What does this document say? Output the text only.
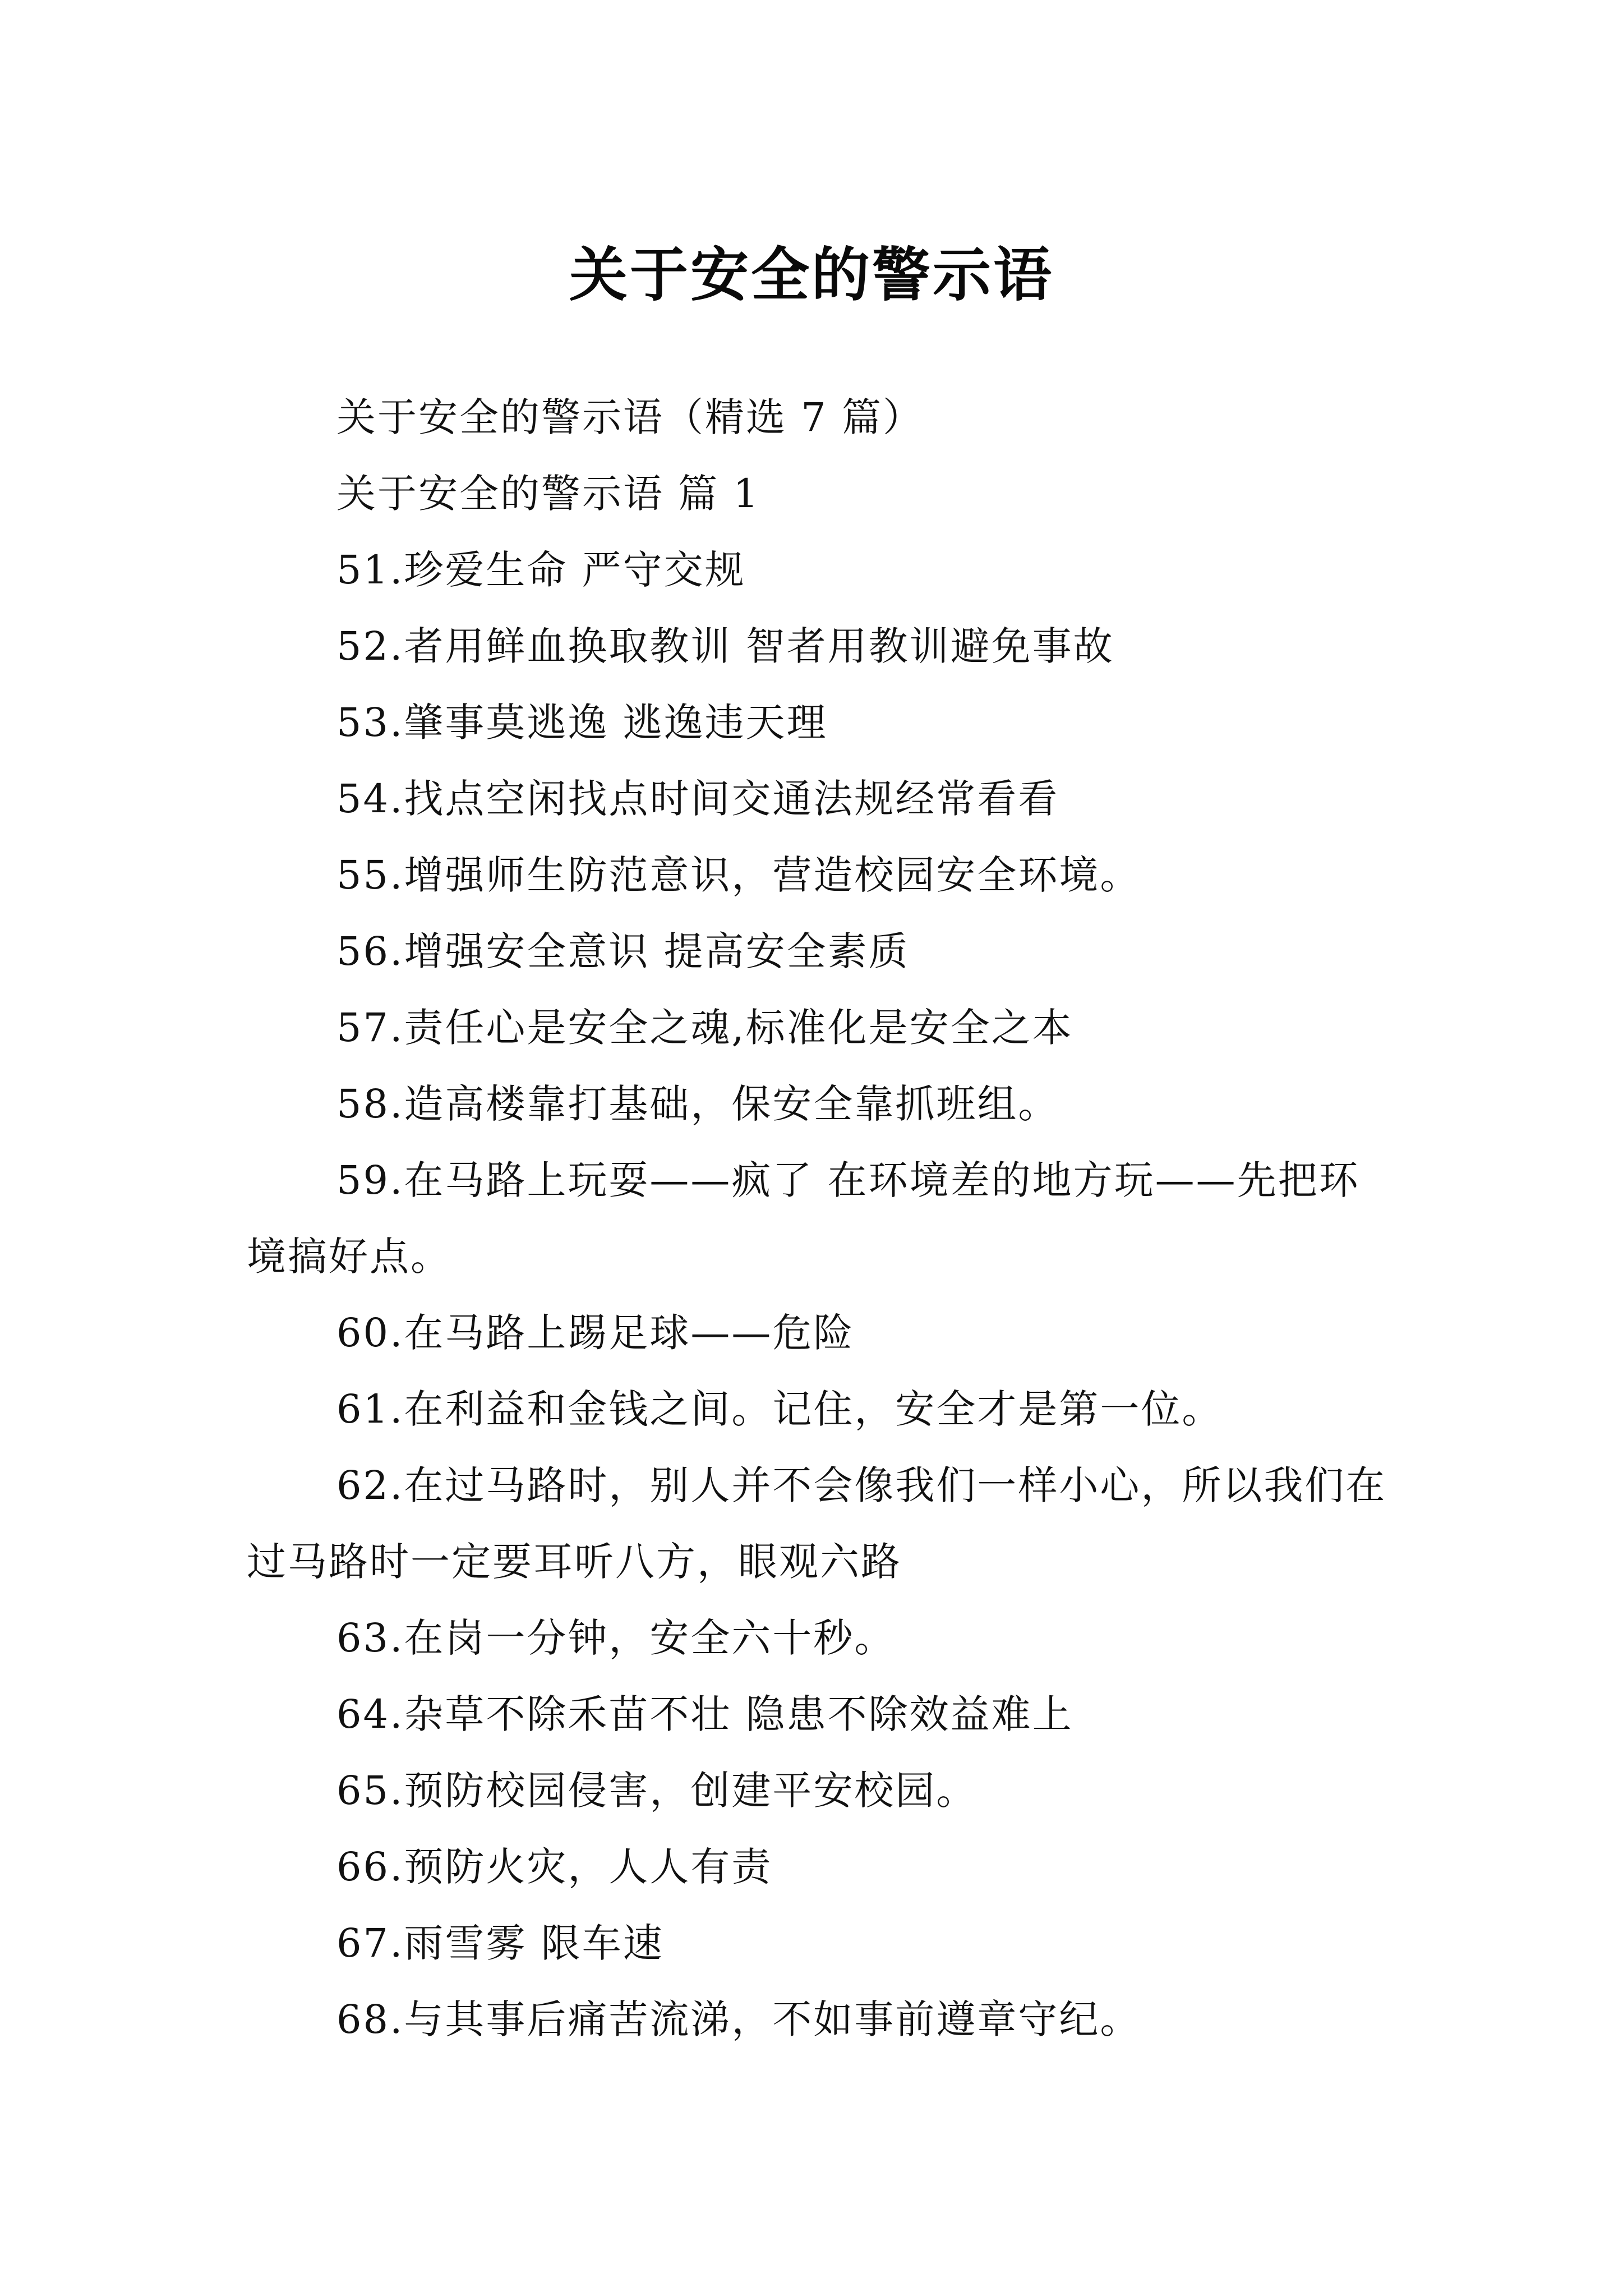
关于安全的警示语

关于安全的警示语（精选 7 篇）

关于安全的警示语 篇 1

51.珍爱生命 严守交规

52.者用鲜血换取教训 智者用教训避免事故

53.肇事莫逃逸 逃逸违天理

54.找点空闲找点时间交通法规经常看看

55.增强师生防范意识，营造校园安全环境。

56.增强安全意识 提高安全素质

57.责任心是安全之魂,标准化是安全之本

58.造高楼靠打基础，保安全靠抓班组。

59.在马路上玩耍——疯了 在环境差的地方玩——先把环境搞好点。

60.在马路上踢足球——危险

61.在利益和金钱之间。记住，安全才是第一位。

62.在过马路时，别人并不会像我们一样小心，所以我们在过马路时一定要耳听八方，眼观六路

63.在岗一分钟，安全六十秒。

64.杂草不除禾苗不壮 隐患不除效益难上

65.预防校园侵害，创建平安校园。

66.预防火灾，人人有责

67.雨雪雾 限车速

68.与其事后痛苦流涕，不如事前遵章守纪。
